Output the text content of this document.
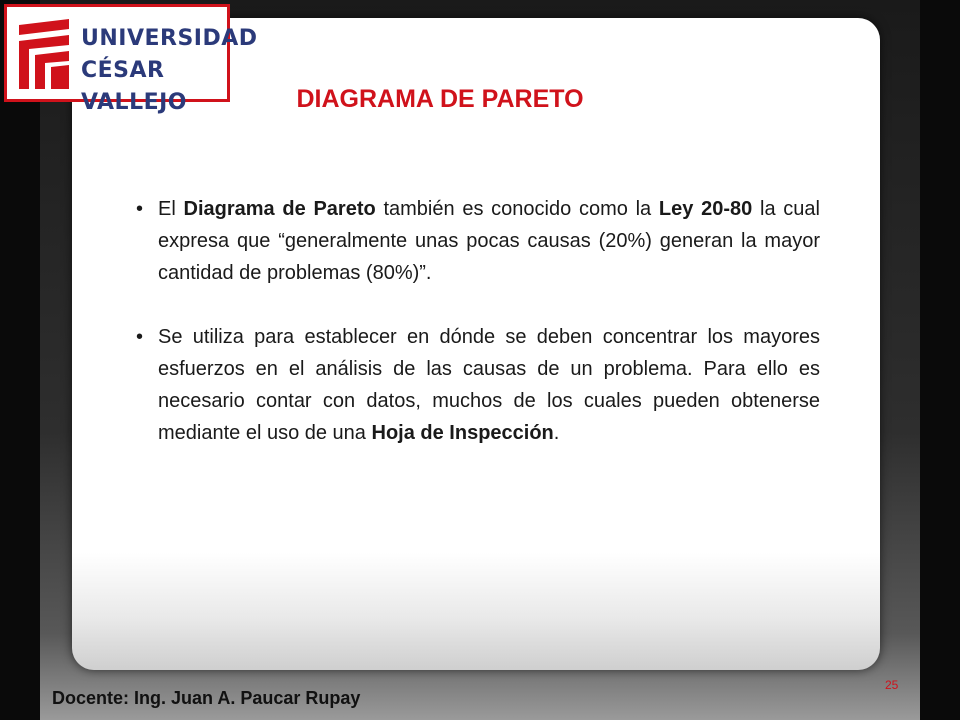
UNIVERSIDAD
CÉSAR VALLEJO	DIAGRAMA DE PARETO
• El Diagrama de Pareto también es conocido como la Ley 20-80 la cual expresa que “generalmente unas pocas causas (20%) generan la mayor cantidad de problemas (80%)”.
• Se utiliza para establecer en dónde se deben concentrar los mayores esfuerzos en el análisis de las causas de un problema. Para ello es necesario contar con datos, muchos de los cuales pueden obtenerse mediante el uso de una Hoja de Inspección.
Docente: Ing. Juan A. Paucar Rupay
25
